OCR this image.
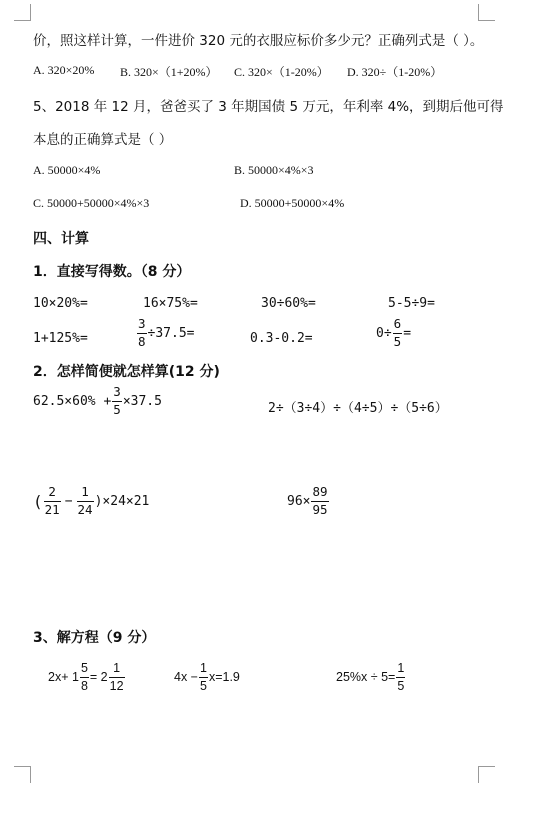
价，照这样计算，一件进价 320 元的衣服应标价多少元？正确列式是（ ）。
A. 320×20% B. 320×（1+20%） C. 320×（1-20%） D. 320÷（1-20%）
5、2018 年 12 月，爸爸买了 3 年期国债 5 万元，年利率 4%，到期后他可得
本息的正确算式是（ ）
A. 50000×4%	B. 50000×4%×3
C. 50000+50000×4%×3	D. 50000+50000×4%
四、计算
1．直接写得数。（8 分）
10×20%=	16×75%=	30÷60%=	5-5÷9=
1+125%=	$\frac{3}{8} \div 37.5=$	0.3-0.2=	$0\div \frac{6}{5}$ =
2．怎样简便就怎样算(12 分)
$62.5\times 60\% + \frac{3}{5} \times 37.5$	2÷（3÷4）÷（4÷5）÷（5÷6）
( $\frac{2}{21} - \frac{1}{24} )\times 24\times 21$	$96\times \frac{89}{95}$
3、解方程（9 分）
$2x+ 1 \frac{5}{8} = 2 \frac{1}{12}$	$4x - \frac{1}{5} x=1.9$	$25\%x \div 5= \frac{1}{5}$
